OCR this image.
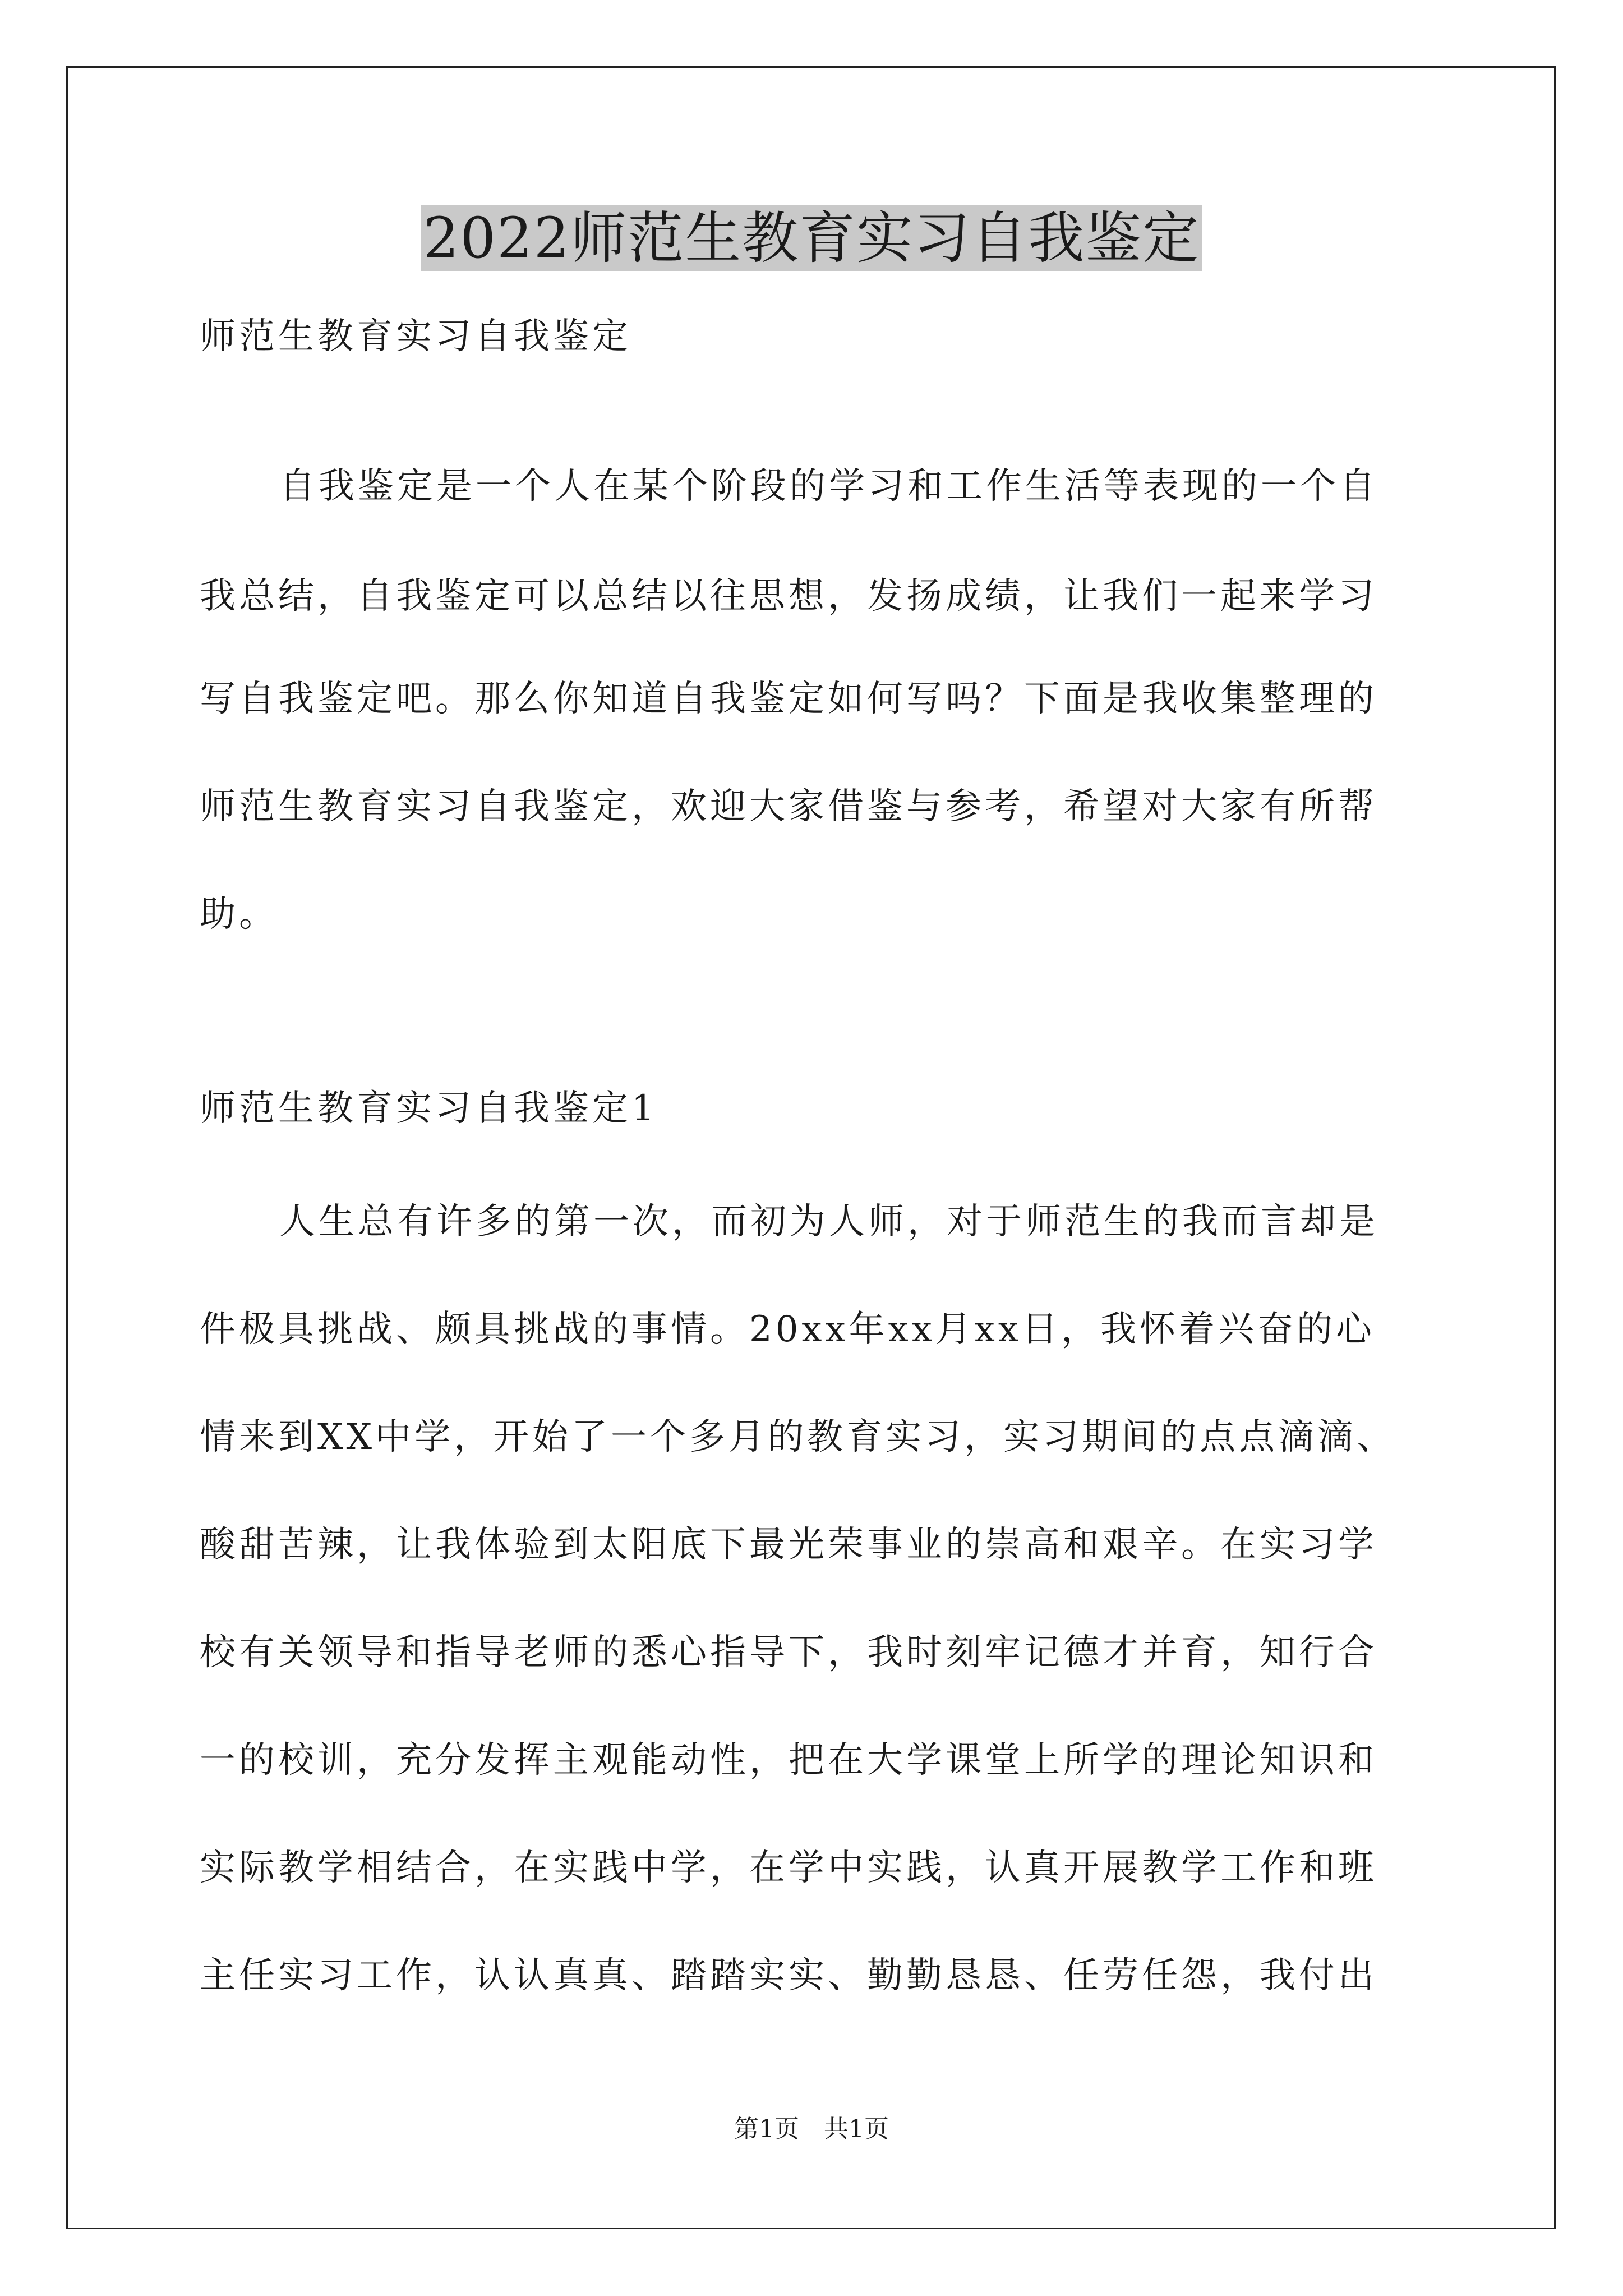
2022师范生教育实习自我鉴定
师范生教育实习自我鉴定
自我鉴定是一个人在某个阶段的学习和工作生活等表现的一个自
我总结，自我鉴定可以总结以往思想，发扬成绩，让我们一起来学习
写自我鉴定吧。那么你知道自我鉴定如何写吗？下面是我收集整理的
师范生教育实习自我鉴定，欢迎大家借鉴与参考，希望对大家有所帮
助。
师范生教育实习自我鉴定1
人生总有许多的第一次，而初为人师，对于师范生的我而言却是
件极具挑战、颇具挑战的事情。20xx年xx月xx日，我怀着兴奋的心
情来到XX中学，开始了一个多月的教育实习，实习期间的点点滴滴、
酸甜苦辣，让我体验到太阳底下最光荣事业的崇高和艰辛。在实习学
校有关领导和指导老师的悉心指导下，我时刻牢记德才并育，知行合
一的校训，充分发挥主观能动性，把在大学课堂上所学的理论知识和
实际教学相结合，在实践中学，在学中实践，认真开展教学工作和班
主任实习工作，认认真真、踏踏实实、勤勤恳恳、任劳任怨，我付出
第1页　共1页
